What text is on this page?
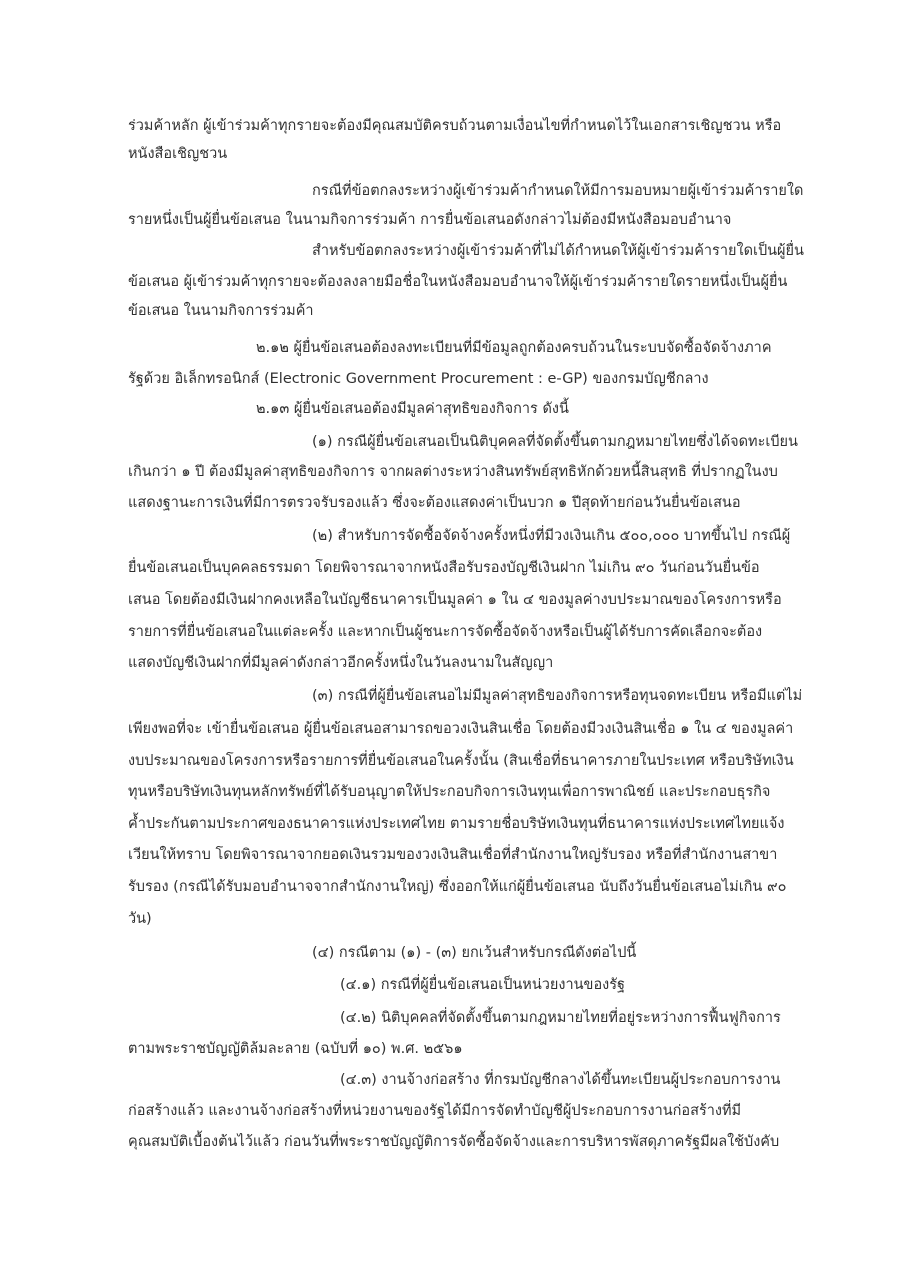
ร่วมค้าหลัก ผู้เข้าร่วมค้าทุกรายจะต้องมีคุณสมบัติครบถ้วนตามเงื่อนไขที่กำหนดไว้ในเอกสารเชิญชวน หรือ
หนังสือเชิญชวน
กรณีที่ข้อตกลงระหว่างผู้เข้าร่วมค้ากำหนดให้มีการมอบหมายผู้เข้าร่วมค้ารายใด
รายหนึ่งเป็นผู้ยื่นข้อเสนอ ในนามกิจการร่วมค้า การยื่นข้อเสนอดังกล่าวไม่ต้องมีหนังสือมอบอำนาจ
สำหรับข้อตกลงระหว่างผู้เข้าร่วมค้าที่ไม่ได้กำหนดให้ผู้เข้าร่วมค้ารายใดเป็นผู้ยื่น
ข้อเสนอ ผู้เข้าร่วมค้าทุกรายจะต้องลงลายมือชื่อในหนังสือมอบอำนาจให้ผู้เข้าร่วมค้ารายใดรายหนึ่งเป็นผู้ยื่น
ข้อเสนอ ในนามกิจการร่วมค้า
๒.๑๒ ผู้ยื่นข้อเสนอต้องลงทะเบียนที่มีข้อมูลถูกต้องครบถ้วนในระบบจัดซื้อจัดจ้างภาค
รัฐด้วย อิเล็กทรอนิกส์ (Electronic Government Procurement : e-GP) ของกรมบัญชีกลาง
๒.๑๓ ผู้ยื่นข้อเสนอต้องมีมูลค่าสุทธิของกิจการ ดังนี้
(๑) กรณีผู้ยื่นข้อเสนอเป็นนิติบุคคลที่จัดตั้งขึ้นตามกฎหมายไทยซึ่งได้จดทะเบียน
เกินกว่า ๑ ปี ต้องมีมูลค่าสุทธิของกิจการ จากผลต่างระหว่างสินทรัพย์สุทธิหักด้วยหนี้สินสุทธิ ที่ปรากฏในงบ
แสดงฐานะการเงินที่มีการตรวจรับรองแล้ว ซึ่งจะต้องแสดงค่าเป็นบวก ๑ ปีสุดท้ายก่อนวันยื่นข้อเสนอ
(๒) สำหรับการจัดซื้อจัดจ้างครั้งหนึ่งที่มีวงเงินเกิน ๕๐๐,๐๐๐ บาทขึ้นไป กรณีผู้
ยื่นข้อเสนอเป็นบุคคลธรรมดา โดยพิจารณาจากหนังสือรับรองบัญชีเงินฝาก ไม่เกิน ๙๐ วันก่อนวันยื่นข้อ
เสนอ โดยต้องมีเงินฝากคงเหลือในบัญชีธนาคารเป็นมูลค่า ๑ ใน ๔ ของมูลค่างบประมาณของโครงการหรือ
รายการที่ยื่นข้อเสนอในแต่ละครั้ง และหากเป็นผู้ชนะการจัดซื้อจัดจ้างหรือเป็นผู้ได้รับการคัดเลือกจะต้อง
แสดงบัญชีเงินฝากที่มีมูลค่าดังกล่าวอีกครั้งหนึ่งในวันลงนามในสัญญา
(๓) กรณีที่ผู้ยื่นข้อเสนอไม่มีมูลค่าสุทธิของกิจการหรือทุนจดทะเบียน หรือมีแต่ไม่
เพียงพอที่จะ เข้ายื่นข้อเสนอ ผู้ยื่นข้อเสนอสามารถขอวงเงินสินเชื่อ โดยต้องมีวงเงินสินเชื่อ ๑ ใน ๔ ของมูลค่า
งบประมาณของโครงการหรือรายการที่ยื่นข้อเสนอในครั้งนั้น (สินเชื่อที่ธนาคารภายในประเทศ หรือบริษัทเงิน
ทุนหรือบริษัทเงินทุนหลักทรัพย์ที่ได้รับอนุญาตให้ประกอบกิจการเงินทุนเพื่อการพาณิชย์ และประกอบธุรกิจ
ค้ำประกันตามประกาศของธนาคารแห่งประเทศไทย ตามรายชื่อบริษัทเงินทุนที่ธนาคารแห่งประเทศไทยแจ้ง
เวียนให้ทราบ โดยพิจารณาจากยอดเงินรวมของวงเงินสินเชื่อที่สำนักงานใหญ่รับรอง หรือที่สำนักงานสาขา
รับรอง (กรณีได้รับมอบอำนาจจากสำนักงานใหญ่) ซึ่งออกให้แก่ผู้ยื่นข้อเสนอ นับถึงวันยื่นข้อเสนอไม่เกิน ๙๐
วัน)
(๔) กรณีตาม (๑) - (๓) ยกเว้นสำหรับกรณีดังต่อไปนี้
(๔.๑) กรณีที่ผู้ยื่นข้อเสนอเป็นหน่วยงานของรัฐ
(๔.๒) นิติบุคคลที่จัดตั้งขึ้นตามกฎหมายไทยที่อยู่ระหว่างการฟื้นฟูกิจการ
ตามพระราชบัญญัติล้มละลาย (ฉบับที่ ๑๐) พ.ศ. ๒๕๖๑
(๔.๓) งานจ้างก่อสร้าง ที่กรมบัญชีกลางได้ขึ้นทะเบียนผู้ประกอบการงาน
ก่อสร้างแล้ว และงานจ้างก่อสร้างที่หน่วยงานของรัฐได้มีการจัดทำบัญชีผู้ประกอบการงานก่อสร้างที่มี
คุณสมบัติเบื้องต้นไว้แล้ว ก่อนวันที่พระราชบัญญัติการจัดซื้อจัดจ้างและการบริหารพัสดุภาครัฐมีผลใช้บังคับ
